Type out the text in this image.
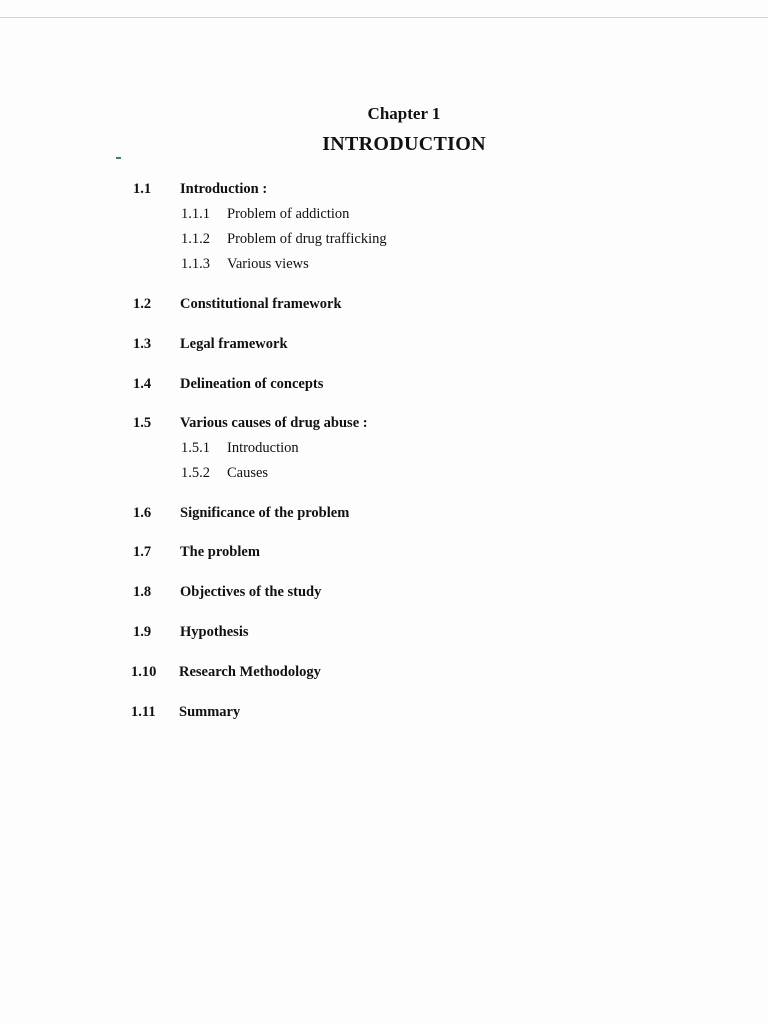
Chapter 1
INTRODUCTION
1.1 Introduction :
1.1.1 Problem of addiction
1.1.2 Problem of drug trafficking
1.1.3 Various views
1.2 Constitutional framework
1.3 Legal framework
1.4 Delineation of concepts
1.5 Various causes of drug abuse :
1.5.1 Introduction
1.5.2 Causes
1.6 Significance of the problem
1.7 The problem
1.8 Objectives of the study
1.9 Hypothesis
1.10 Research Methodology
1.11 Summary
